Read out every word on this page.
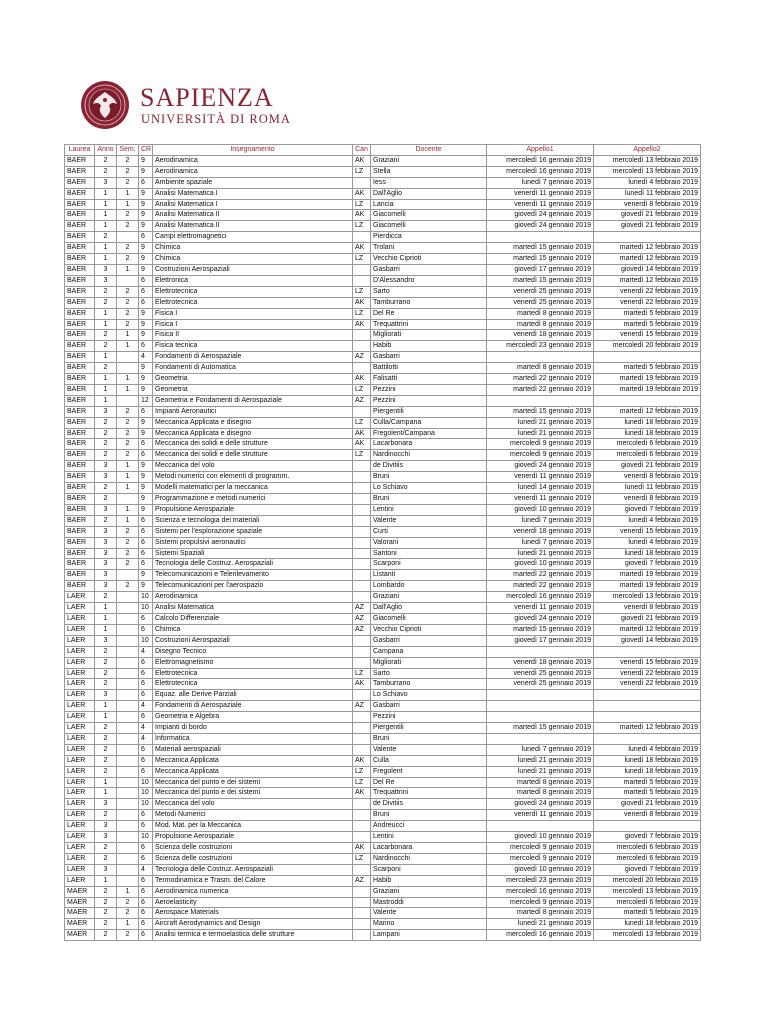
SAPIENZA
UNIVERSITÀ DI ROMA
Laurea	Anno	Sem.	CR	Insegnamento	Can	Docente	Appello1	Appello2
BAER	2	2	9	Aerodinamica	AK	Graziani	mercoledì 16 gennaio 2019	mercoledì 13 febbraio 2019
BAER	2	2	9	Aerodinamica	LZ	Stella	mercoledì 16 gennaio 2019	mercoledì 13 febbraio 2019
BAER	3	2	6	Ambiente spaziale		Iess	lunedì 7 gennaio 2019	lunedì 4 febbraio 2019
BAER	1	1	9	Analisi Matematica I	AK	Dall'Aglio	venerdì 11 gennaio 2019	lunedì 11 febbraio 2019
BAER	1	1	9	Analisi Matematica I	LZ	Lancia	venerdì 11 gennaio 2019	venerdì 8 febbraio 2019
BAER	1	2	9	Analisi Matematica II	AK	Giacomelli	giovedì 24 gennaio 2019	giovedì 21 febbraio 2019
BAER	1	2	9	Analisi Matematica II	LZ	Giacomelli	giovedì 24 gennaio 2019	giovedì 21 febbraio 2019
BAER	2		6	Campi elettromagnetici		Pierdicca		
BAER	1	2	9	Chimica	AK	Trolani	martedì 15 gennaio 2019	martedì 12 febbraio 2019
BAER	1	2	9	Chimica	LZ	Vecchio Ciprioti	martedì 15 gennaio 2019	martedì 12 febbraio 2019
BAER	3	1	9	Costruzioni Aerospaziali		Gasbarri	giovedì 17 gennaio 2019	giovedì 14 febbraio 2019
BAER	3		6	Elettronica		D'Alessandro	martedì 15 gennaio 2019	martedì 12 febbraio 2019
BAER	2	2	6	Elettrotecnica	LZ	Sarto	venerdì 25 gennaio 2019	venerdì 22 febbraio 2019
BAER	2	2	6	Elettrotecnica	AK	Tamburrano	venerdì 25 gennaio 2019	venerdì 22 febbraio 2019
BAER	1	2	9	Fisica I	LZ	Del Re	martedì 8 gennaio 2019	martedì 5 febbraio 2019
BAER	1	2	9	Fisica I	AK	Trequattrini	martedì 8 gennaio 2019	martedì 5 febbraio 2019
BAER	2	1	9	Fisica II		Migliorati	venerdì 18 gennaio 2019	venerdì 15 febbraio 2019
BAER	2	1	6	Fisica tecnica		Habib	mercoledì 23 gennaio 2019	mercoledì 20 febbraio 2019
BAER	1		4	Fondamenti di Aerospaziale	AZ	Gasbarri		
BAER	2		9	Fondamenti di Automatica		Battilotti	martedì 8 gennaio 2019	martedì 5 febbraio 2019
BAER	1	1	9	Geometria	AK	Falisatti	martedì 22 gennaio 2019	martedì 19 febbraio 2019
BAER	1	1	9	Geometria	LZ	Pezzini	martedì 22 gennaio 2019	martedì 19 febbraio 2019
BAER	1		12	Geometria e Fondamenti di Aerospaziale	AZ	Pezzini		
BAER	3	2	6	Impianti Aeronautici		Piergentili	martedì 15 gennaio 2019	martedì 12 febbraio 2019
BAER	2	2	9	Meccanica Applicata e disegno	LZ	Culla/Campana	lunedì 21 gennaio 2019	lunedì 18 febbraio 2019
BAER	2	2	9	Meccanica Applicata e disegno	AK	Fregolent/Campana	lunedì 21 gennaio 2019	lunedì 18 febbraio 2019
BAER	2	2	6	Meccanica dei solidi e delle strutture	AK	Lacarbonara	mercoledì 9 gennaio 2019	mercoledì 6 febbraio 2019
BAER	2	2	6	Meccanica dei solidi e delle strutture	LZ	Nardinocchi	mercoledì 9 gennaio 2019	mercoledì 6 febbraio 2019
BAER	3	1	9	Meccanica del volo		de Divitiis	giovedì 24 gennaio 2019	giovedì 21 febbraio 2019
BAER	3	1	9	Metodi numerici con elementi di programm.		Bruni	venerdì 11 gennaio 2019	venerdì 8 febbraio 2019
BAER	2	1	9	Modelli matematici per la meccanica		Lo Schiavo	lunedì 14 gennaio 2019	lunedì 11 febbraio 2019
BAER	2		9	Programmazione e metodi numerici		Bruni	venerdì 11 gennaio 2019	venerdì 8 febbraio 2019
BAER	3	1	9	Propulsione Aerospaziale		Lentini	giovedì 10 gennaio 2019	giovedì 7 febbraio 2019
BAER	2	1	6	Scienza e tecnologia dei materiali		Valente	lunedì 7 gennaio 2019	lunedì 4 febbraio 2019
BAER	3	2	6	Sistemi per l'esplorazione spaziale		Curti	venerdì 18 gennaio 2019	venerdì 15 febbraio 2019
BAER	3	2	6	Sistemi propulsivi aeronautici		Valorani	lunedì 7 gennaio 2019	lunedì 4 febbraio 2019
BAER	3	2	6	Sistemi Spaziali		Santoni	lunedì 21 gennaio 2019	lunedì 18 febbraio 2019
BAER	3	2	6	Tecnologia delle Costruz. Aerospaziali		Scarponi	giovedì 10 gennaio 2019	giovedì 7 febbraio 2019
BAER	3		9	Telecomunicazioni e Telerilevamento		Listanti	martedì 22 gennaio 2019	martedì 19 febbraio 2019
BAER	3	2	9	Telecomunicazioni per l'aerospazio		Lombardo	martedì 22 gennaio 2019	martedì 19 febbraio 2019
LAER	2		10	Aerodinamica		Graziani	mercoledì 16 gennaio 2019	mercoledì 13 febbraio 2019
LAER	1		10	Analisi Matematica	AZ	Dall'Aglio	venerdì 11 gennaio 2019	venerdì 8 febbraio 2019
LAER	1		6	Calcolo Differenziale	AZ	Giacomelli	giovedì 24 gennaio 2019	giovedì 21 febbraio 2019
LAER	1		6	Chimica	AZ	Vecchio Ciprioti	martedì 15 gennaio 2019	martedì 12 febbraio 2019
LAER	3		10	Costruzioni Aerospaziali		Gasbarri	giovedì 17 gennaio 2019	giovedì 14 febbraio 2019
LAER	2		4	Disegno Tecnico		Campana		
LAER	2		6	Elettromagnetismo		Migliorati	venerdì 18 gennaio 2019	venerdì 15 febbraio 2019
LAER	2		6	Elettrotecnica	LZ	Sarto	venerdì 25 gennaio 2019	venerdì 22 febbraio 2019
LAER	2		6	Elettrotecnica	AK	Tamburrano	venerdì 25 gennaio 2019	venerdì 22 febbraio 2019
LAER	3		6	Equaz. alle Derive Parziali		Lo Schiavo		
LAER	1		4	Fondamenti di Aerospaziale	AZ	Gasbarri		
LAER	1		6	Geometria e Algebra		Pezzini		
LAER	2		4	Impianti di bordo		Piergentili	martedì 15 gennaio 2019	martedì 12 febbraio 2019
LAER	2		4	Informatica		Bruni		
LAER	2		6	Materiali aerospaziali		Valente	lunedì 7 gennaio 2019	lunedì 4 febbraio 2019
LAER	2		6	Meccanica Applicata	AK	Culla	lunedì 21 gennaio 2019	lunedì 18 febbraio 2019
LAER	2		6	Meccanica Applicata	LZ	Fregolent	lunedì 21 gennaio 2019	lunedì 18 febbraio 2019
LAER	1		10	Meccanica del punto e dei sistemi	LZ	Del Re	martedì 8 gennaio 2019	martedì 5 febbraio 2019
LAER	1		10	Meccanica del punto e dei sistemi	AK	Trequattrini	martedì 8 gennaio 2019	martedì 5 febbraio 2019
LAER	3		10	Meccanica del volo		de Divitiis	giovedì 24 gennaio 2019	giovedì 21 febbraio 2019
LAER	2		6	Metodi Numerici		Bruni	venerdì 11 gennaio 2019	venerdì 8 febbraio 2019
LAER	3		6	Mod. Mat. per la Meccanica		Andreucci		
LAER	3		10	Propulsione Aerospaziale		Lentini	giovedì 10 gennaio 2019	giovedì 7 febbraio 2019
LAER	2		6	Scienza delle costruzioni	AK	Lacarbonara	mercoledì 9 gennaio 2019	mercoledì 6 febbraio 2019
LAER	2		6	Scienza delle costruzioni	LZ	Nardinocchi	mercoledì 9 gennaio 2019	mercoledì 6 febbraio 2019
LAER	3		4	Tecnologia delle Costruz. Aerospaziali		Scarponi	giovedì 10 gennaio 2019	giovedì 7 febbraio 2019
LAER	1		6	Termodinamica e Trasm. del Calore	AZ	Habib	mercoledì 23 gennaio 2019	mercoledì 20 febbraio 2019
MAER	2	1	6	Aerodinamica numerica		Graziani	mercoledì 16 gennaio 2019	mercoledì 13 febbraio 2019
MAER	2	2	6	Aeroelasticity		Mastroddi	mercoledì 9 gennaio 2019	mercoledì 6 febbraio 2019
MAER	2	2	6	Aerospace Materials		Valente	martedì 8 gennaio 2019	martedì 5 febbraio 2019
MAER	2	1	6	Aircraft Aerodynamics and Design		Marino	lunedì 21 gennaio 2019	lunedì 18 febbraio 2019
MAER	2	2	6	Analisi termica e termoelastica delle strutture		Lampani	mercoledì 16 gennaio 2019	mercoledì 13 febbraio 2019
